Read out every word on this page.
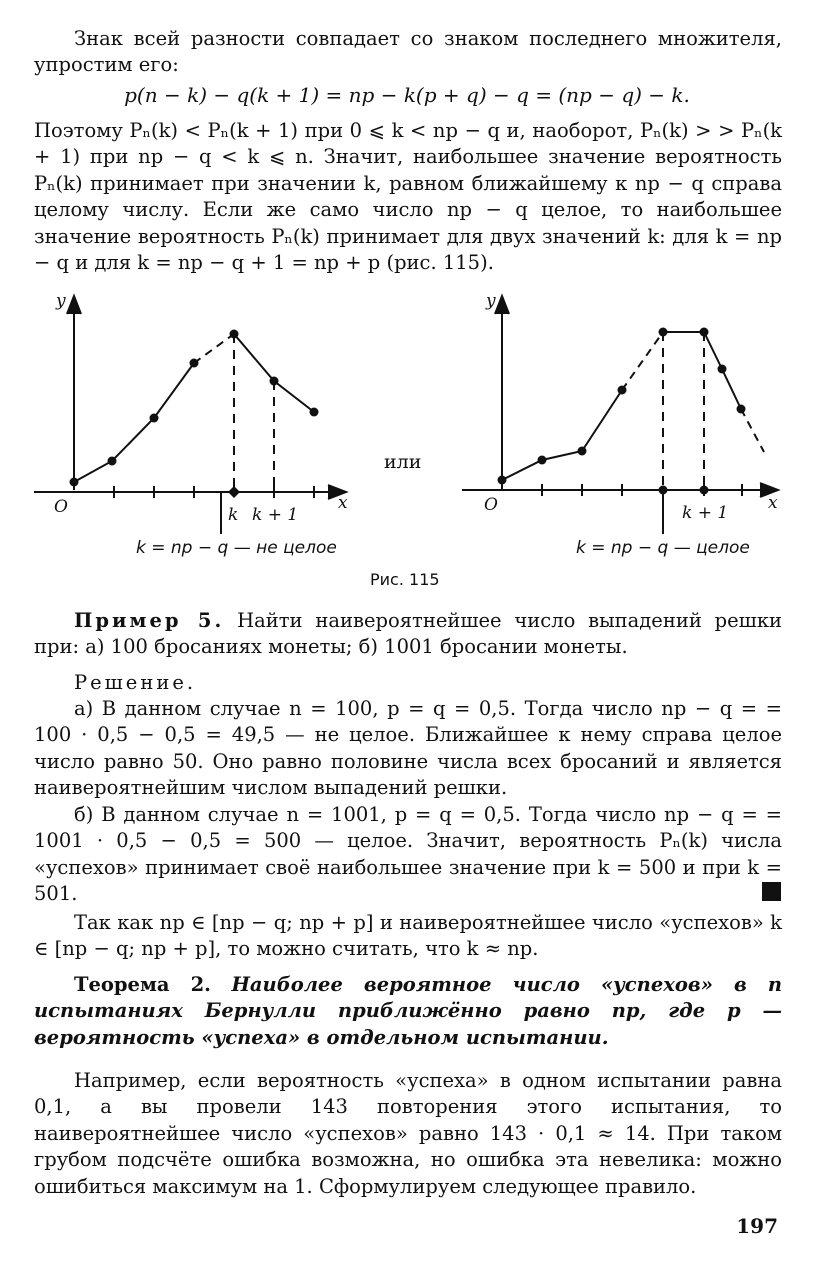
Знак всей разности совпадает со знаком последнего множителя, упростим его:

p(n − k) − q(k + 1) = np − k(p + q) − q = (np − q) − k.

Поэтому Pₙ(k) < Pₙ(k + 1) при 0 ⩽ k < np − q и, наоборот, Pₙ(k) > > Pₙ(k + 1) при np − q < k ⩽ n. Значит, наибольшее значение вероятность Pₙ(k) принимает при значении k, равном ближайшему к np − q справа целому числу. Если же само число np − q целое, то наибольшее значение вероятность Pₙ(k) принимает для двух значений k: для k = np − q и для k = np − q + 1 = np + p (рис. 115).

y
x
O	k k + 1
или
y
x
O	k + 1
k = np − q — не целое	k = np − q — целое
Рис. 115

Пример 5. Найти наивероятнейшее число выпадений решки при: а) 100 бросаниях монеты; б) 1001 бросании монеты.

Решение.

а) В данном случае n = 100, p = q = 0,5. Тогда число np − q = = 100 · 0,5 − 0,5 = 49,5 — не целое. Ближайшее к нему справа целое число равно 50. Оно равно половине числа всех бросаний и является наивероятнейшим числом выпадений решки.

б) В данном случае n = 1001, p = q = 0,5. Тогда число np − q = = 1001 · 0,5 − 0,5 = 500 — целое. Значит, вероятность Pₙ(k) числа «успехов» принимает своё наибольшее значение при k = 500 и при k = 501.

Так как np ∈ [np − q; np + p] и наивероятнейшее число «успехов» k ∈ [np − q; np + p], то можно считать, что k ≈ np.

Теорема 2. Наиболее вероятное число «успехов» в n испытаниях Бернулли приближённо равно np, где p — вероятность «успеха» в отдельном испытании.

Например, если вероятность «успеха» в одном испытании равна 0,1, а вы провели 143 повторения этого испытания, то наивероятнейшее число «успехов» равно 143 · 0,1 ≈ 14. При таком грубом подсчёте ошибка возможна, но ошибка эта невелика: можно ошибиться максимум на 1. Сформулируем следующее правило.

197
